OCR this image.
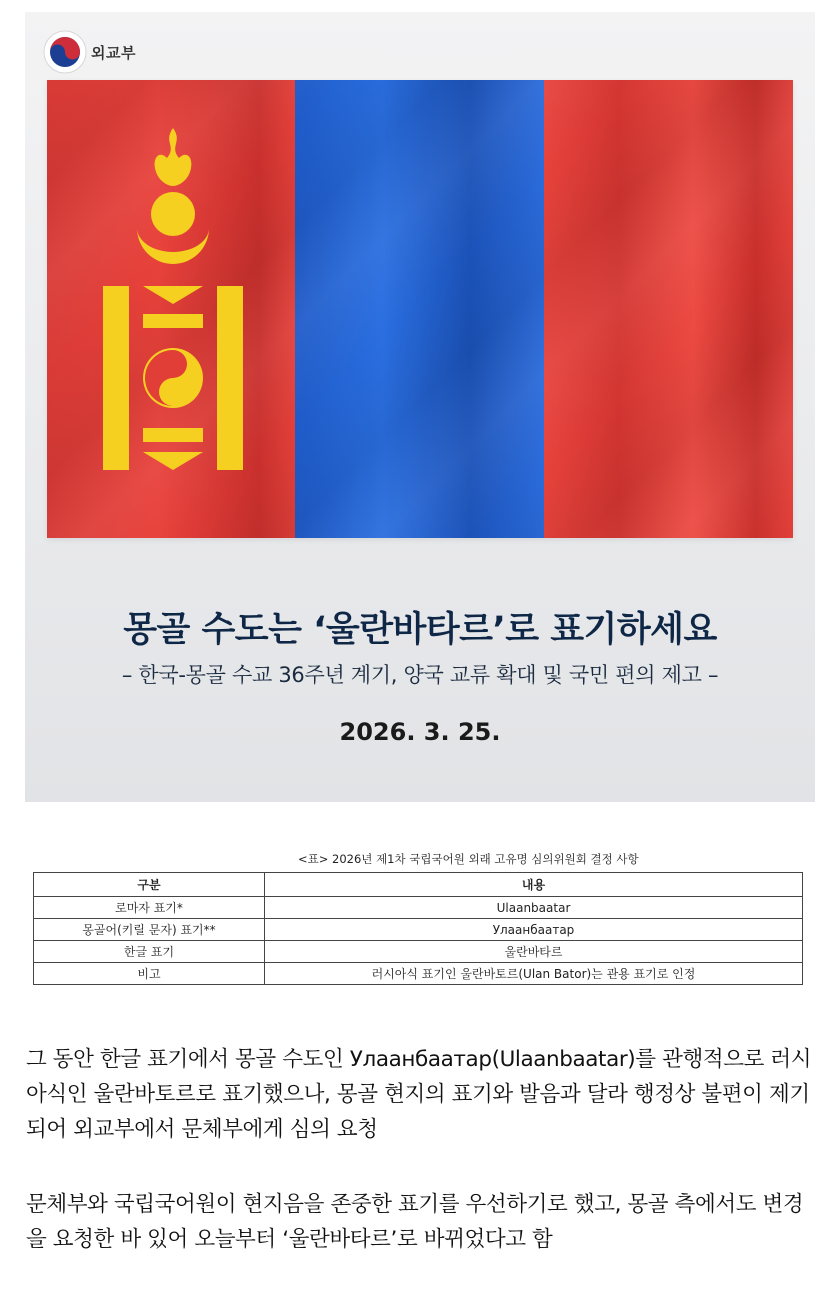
외교부
몽골 수도는 ‘울란바타르’로 표기하세요
– 한국-몽골 수교 36주년 계기, 양국 교류 확대 및 국민 편의 제고 –
2026. 3. 25.
<표> 2026년 제1차 국립국어원 외래 고유명 심의위원회 결정 사항
구분	내용
로마자 표기*	Ulaanbaatar
몽골어(키릴 문자) 표기**	Улаанбаатар
한글 표기	울란바타르
비고	러시아식 표기인 울란바토르(Ulan Bator)는 관용 표기로 인정

그 동안 한글 표기에서 몽골 수도인 Улаанбаатар(Ulaanbaatar)를 관행적으로 러시아식인 울란바토르로 표기했으나, 몽골 현지의 표기와 발음과 달라 행정상 불편이 제기되어 외교부에서 문체부에게 심의 요청

문체부와 국립국어원이 현지음을 존중한 표기를 우선하기로 했고, 몽골 측에서도 변경을 요청한 바 있어 오늘부터 ‘울란바타르’로 바뀌었다고 함
